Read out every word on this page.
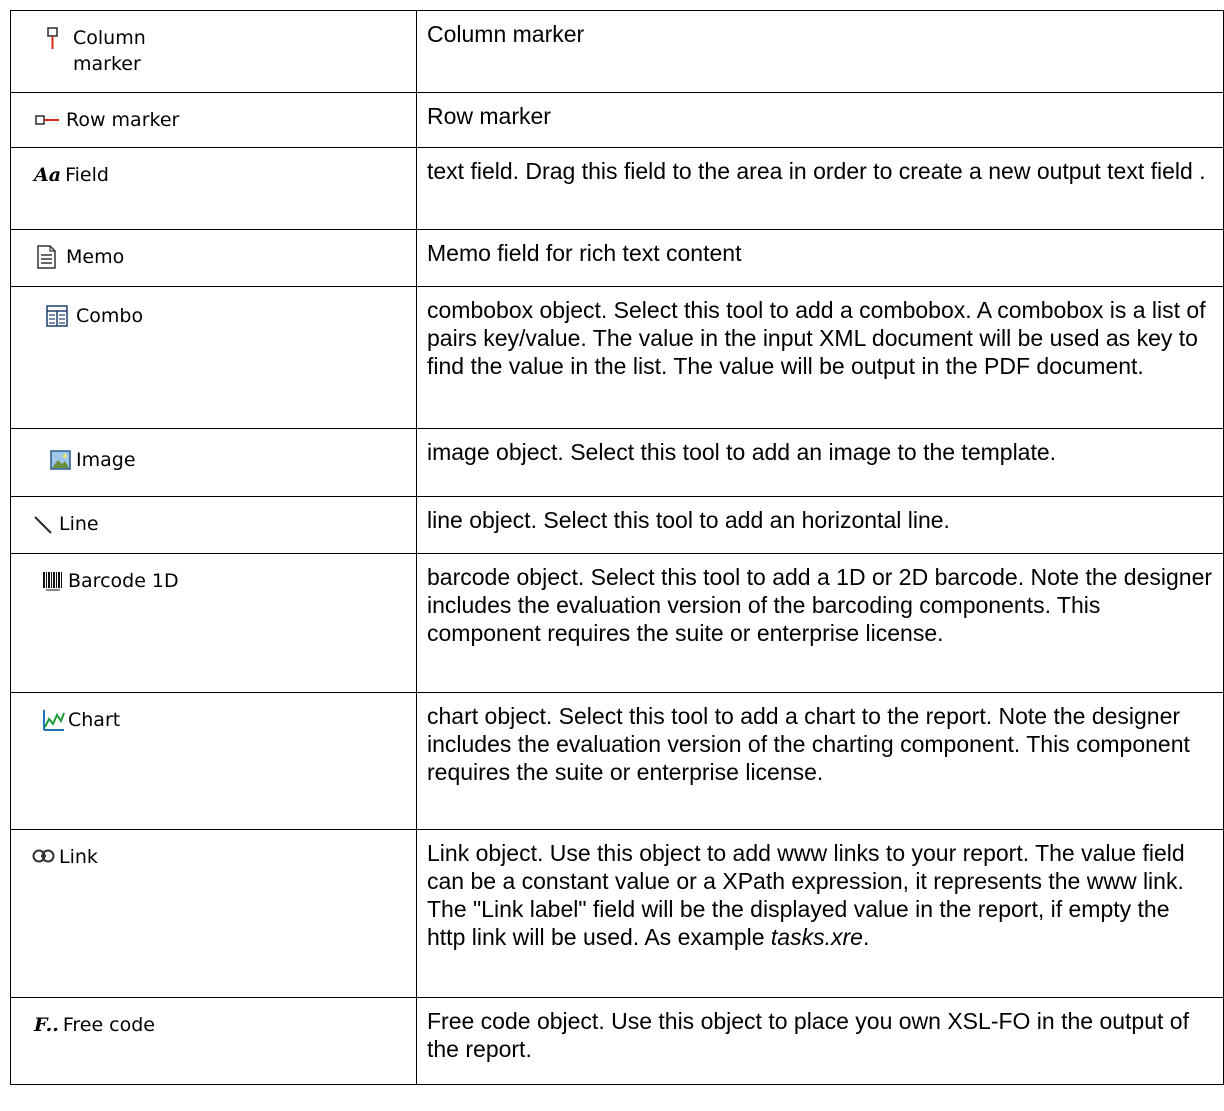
Column
marker	Column marker

Row marker	Row marker

Aa Field	text field. Drag this field to the area in order to create a new output text field .

Memo	Memo field for rich text content

Combo	combobox object. Select this tool to add a combobox. A combobox is a list of pairs key/value. The value in the input XML document will be used as key to find the value in the list. The value will be output in the PDF document.

Image	image object. Select this tool to add an image to the template.

Line	line object. Select this tool to add an horizontal line.

Barcode 1D	barcode object. Select this tool to add a 1D or 2D barcode. Note the designer includes the evaluation version of the barcoding components. This component requires the suite or enterprise license.

Chart	chart object. Select this tool to add a chart to the report. Note the designer includes the evaluation version of the charting component. This component requires the suite or enterprise license.

Link	Link object. Use this object to add www links to your report. The value field can be a constant value or a XPath expression, it represents the www link. The "Link label" field will be the displayed value in the report, if empty the http link will be used. As example tasks.xre.

F.. Free code	Free code object. Use this object to place you own XSL-FO in the output of the report.
